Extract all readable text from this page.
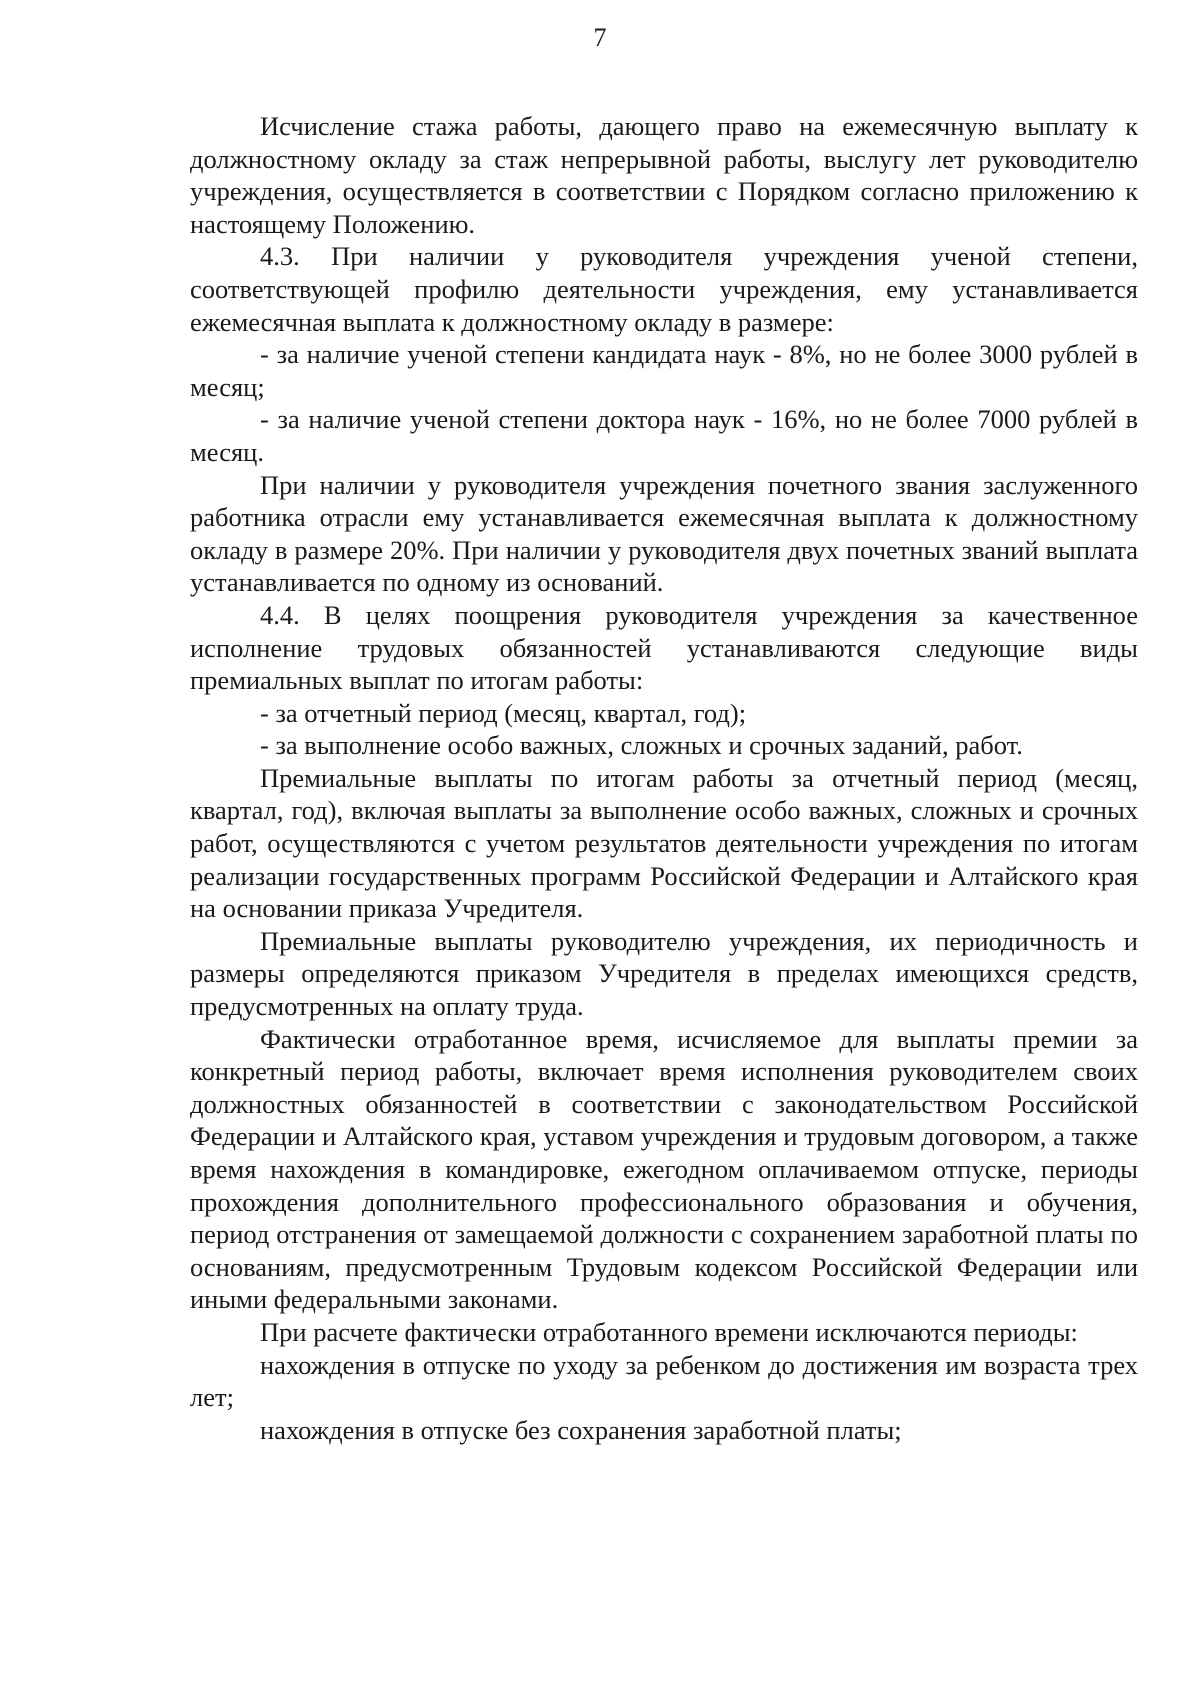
7

Исчисление стажа работы, дающего право на ежемесячную выплату к должностному окладу за стаж непрерывной работы, выслугу лет руководителю учреждения, осуществляется в соответствии с Порядком согласно приложению к настоящему Положению.

4.3. При наличии у руководителя учреждения ученой степени, соответствующей профилю деятельности учреждения, ему устанавливается ежемесячная выплата к должностному окладу в размере:

- за наличие ученой степени кандидата наук - 8%, но не более 3000 рублей в месяц;

- за наличие ученой степени доктора наук - 16%, но не более 7000 рублей в месяц.

При наличии у руководителя учреждения почетного звания заслуженного работника отрасли ему устанавливается ежемесячная выплата к должностному окладу в размере 20%. При наличии у руководителя двух почетных званий выплата устанавливается по одному из оснований.

4.4. В целях поощрения руководителя учреждения за качественное исполнение трудовых обязанностей устанавливаются следующие виды премиальных выплат по итогам работы:

- за отчетный период (месяц, квартал, год);

- за выполнение особо важных, сложных и срочных заданий, работ.

Премиальные выплаты по итогам работы за отчетный период (месяц, квартал, год), включая выплаты за выполнение особо важных, сложных и срочных работ, осуществляются с учетом результатов деятельности учреждения по итогам реализации государственных программ Российской Федерации и Алтайского края на основании приказа Учредителя.

Премиальные выплаты руководителю учреждения, их периодичность и размеры определяются приказом Учредителя в пределах имеющихся средств, предусмотренных на оплату труда.

Фактически отработанное время, исчисляемое для выплаты премии за конкретный период работы, включает время исполнения руководителем своих должностных обязанностей в соответствии с законодательством Российской Федерации и Алтайского края, уставом учреждения и трудовым договором, а также время нахождения в командировке, ежегодном оплачиваемом отпуске, периоды прохождения дополнительного профессионального образования и обучения, период отстранения от замещаемой должности с сохранением заработной платы по основаниям, предусмотренным Трудовым кодексом Российской Федерации или иными федеральными законами.

При расчете фактически отработанного времени исключаются периоды:

нахождения в отпуске по уходу за ребенком до достижения им возраста трех лет;

нахождения в отпуске без сохранения заработной платы;
